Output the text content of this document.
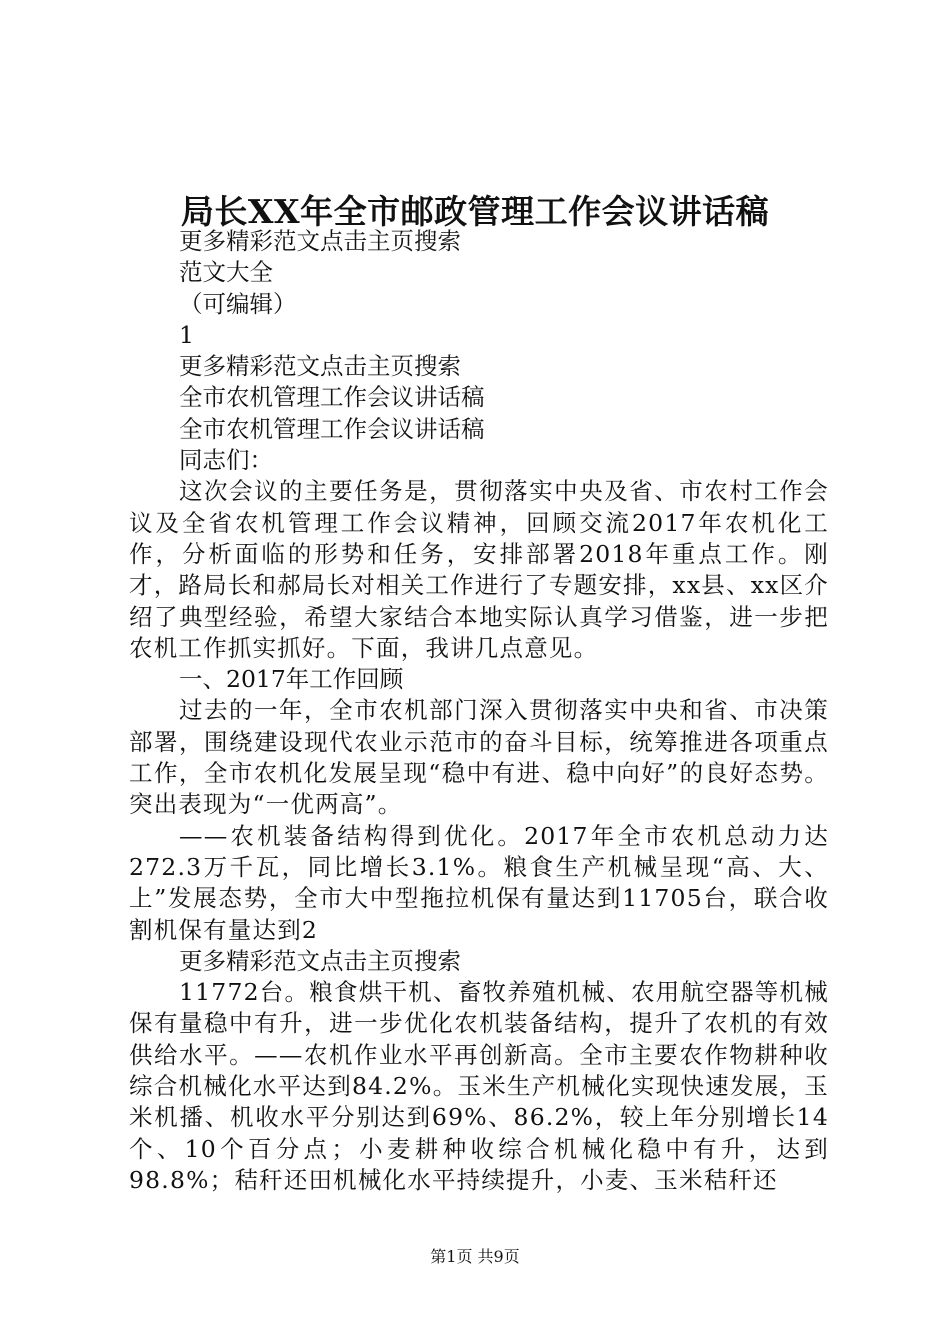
局长XX年全市邮政管理工作会议讲话稿
更多精彩范文点击主页搜索
范文大全
（可编辑）
1
更多精彩范文点击主页搜索
全市农机管理工作会议讲话稿
全市农机管理工作会议讲话稿
同志们：
这次会议的主要任务是，贯彻落实中央及省、市农村工作会议及全省农机管理工作会议精神，回顾交流2017年农机化工作，分析面临的形势和任务，安排部署2018年重点工作。刚才，路局长和郝局长对相关工作进行了专题安排，xx县、xx区介绍了典型经验，希望大家结合本地实际认真学习借鉴，进一步把农机工作抓实抓好。下面，我讲几点意见。
一、2017年工作回顾
过去的一年，全市农机部门深入贯彻落实中央和省、市决策部署，围绕建设现代农业示范市的奋斗目标，统筹推进各项重点工作，全市农机化发展呈现“稳中有进、稳中向好”的良好态势。突出表现为“一优两高”。
——农机装备结构得到优化。2017年全市农机总动力达272.3万千瓦，同比增长3.1%。粮食生产机械呈现“高、大、上”发展态势，全市大中型拖拉机保有量达到11705台，联合收割机保有量达到2
更多精彩范文点击主页搜索
11772台。粮食烘干机、畜牧养殖机械、农用航空器等机械保有量稳中有升，进一步优化农机装备结构，提升了农机的有效供给水平。——农机作业水平再创新高。全市主要农作物耕种收综合机械化水平达到84.2%。玉米生产机械化实现快速发展，玉米机播、机收水平分别达到69%、86.2%，较上年分别增长14个、10个百分点；小麦耕种收综合机械化稳中有升，达到98.8%；秸秆还田机械化水平持续提升，小麦、玉米秸秆还
第1页 共9页
